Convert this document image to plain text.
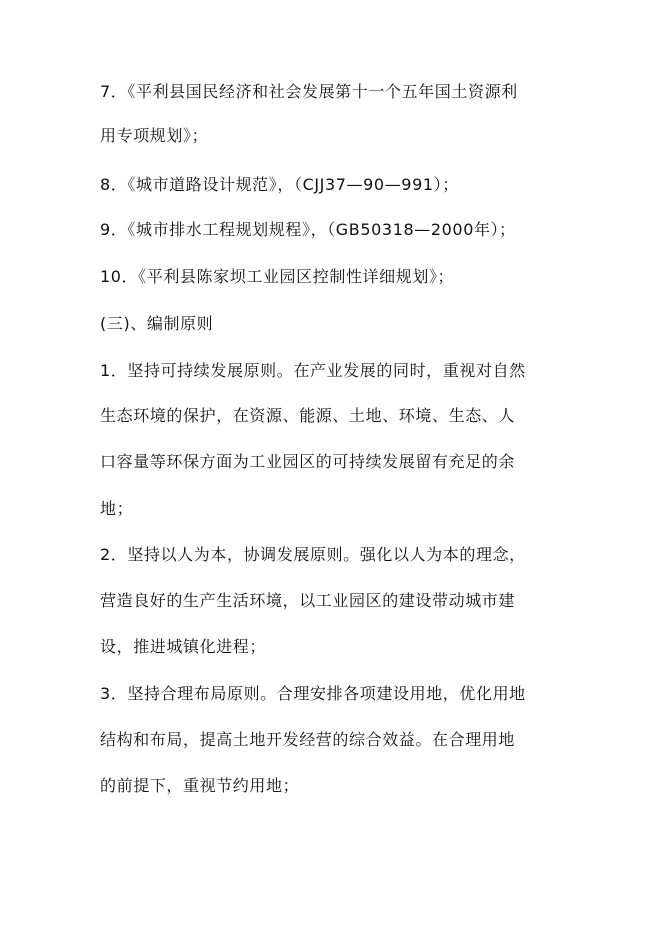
7．《平利县国民经济和社会发展第十一个五年国土资源利
用专项规划》；
8．《城市道路设计规范》，（CJJ37—90—991）；
9．《城市排水工程规划规程》，（GB50318—2000年）；
10．《平利县陈家坝工业园区控制性详细规划》；
(三)、编制原则
1．坚持可持续发展原则。在产业发展的同时，重视对自然
生态环境的保护，在资源、能源、土地、环境、生态、人
口容量等环保方面为工业园区的可持续发展留有充足的余
地；
2．坚持以人为本，协调发展原则。强化以人为本的理念，
营造良好的生产生活环境，以工业园区的建设带动城市建
设，推进城镇化进程；
3．坚持合理布局原则。合理安排各项建设用地，优化用地
结构和布局，提高土地开发经营的综合效益。在合理用地
的前提下，重视节约用地；
